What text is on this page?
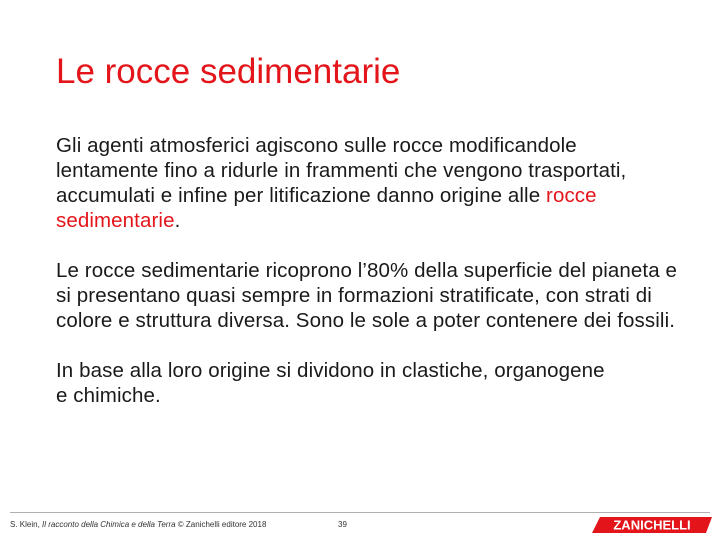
Le rocce sedimentarie

Gli agenti atmosferici agiscono sulle rocce modificandole lentamente fino a ridurle in frammenti che vengono trasportati, accumulati e infine per litificazione danno origine alle rocce sedimentarie.

Le rocce sedimentarie ricoprono l’80% della superficie del pianeta e si presentano quasi sempre in formazioni stratificate, con strati di colore e struttura diversa. Sono le sole a poter contenere dei fossili.

In base alla loro origine si dividono in clastiche, organogene e chimiche.

S. Klein, Il racconto della Chimica e della Terra © Zanichelli editore 2018	39	ZANICHELLI
